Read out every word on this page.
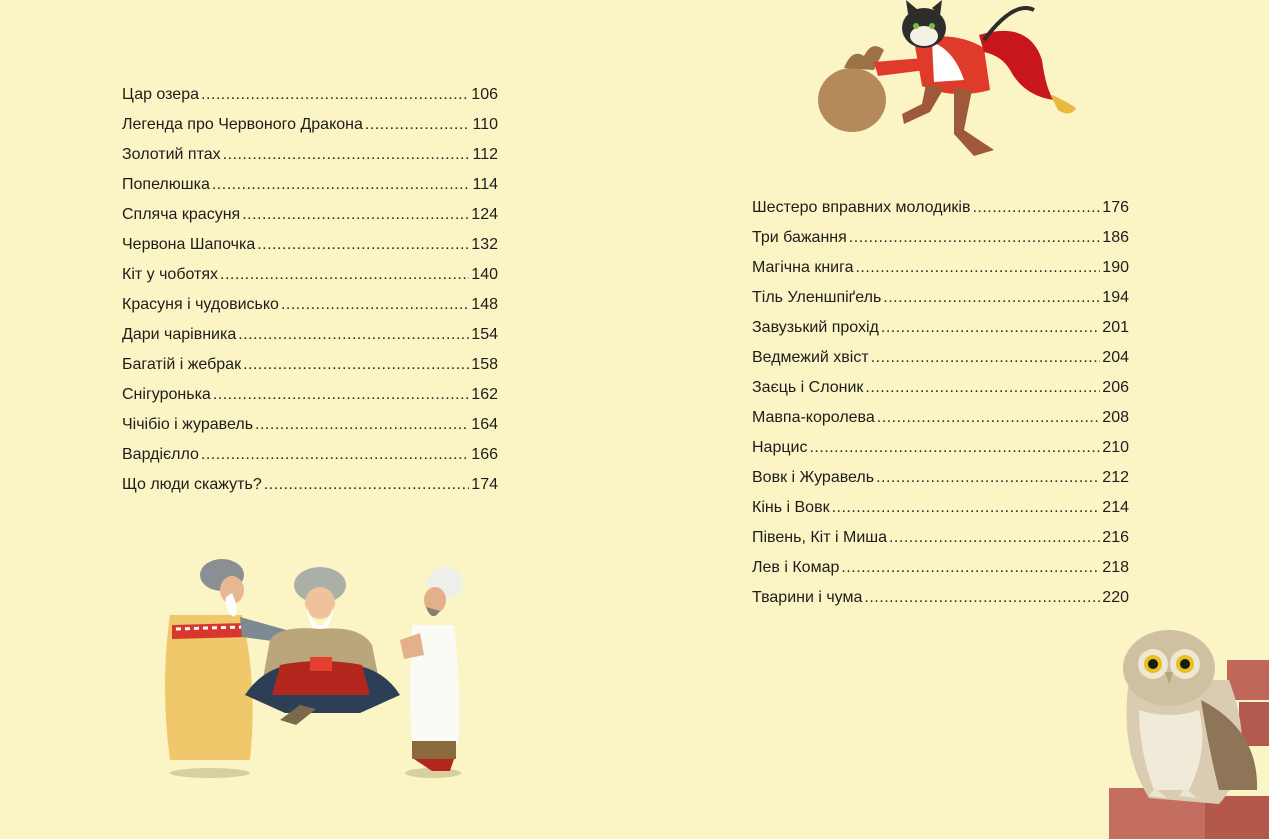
Цар озера .....	106
Легенда про Червоного Дракона .....	110
Золотий птах .....	112
Попелюшка .....	114
Спляча красуня .....	124
Червона Шапочка .....	132
Кіт у чоботях .....	140
Красуня і чудовисько .....	148
Дари чарівника .....	154
Багатій і жебрак .....	158
Снігуронька .....	162
Чічібіо і журавель .....	164
Вардієлло .....	166
Що люди скажуть? .....	174
Шестеро вправних молодиків .....	176
Три бажання .....	186
Магічна книга .....	190
Тіль Уленшпіґель .....	194
Завузький прохід .....	201
Ведмежий хвіст .....	204
Заєць і Слоник .....	206
Мавпа-королева .....	208
Нарцис .....	210
Вовк і Журавель .....	212
Кінь і Вовк .....	214
Півень, Кіт і Миша .....	216
Лев і Комар .....	218
Тварини і чума .....	220
